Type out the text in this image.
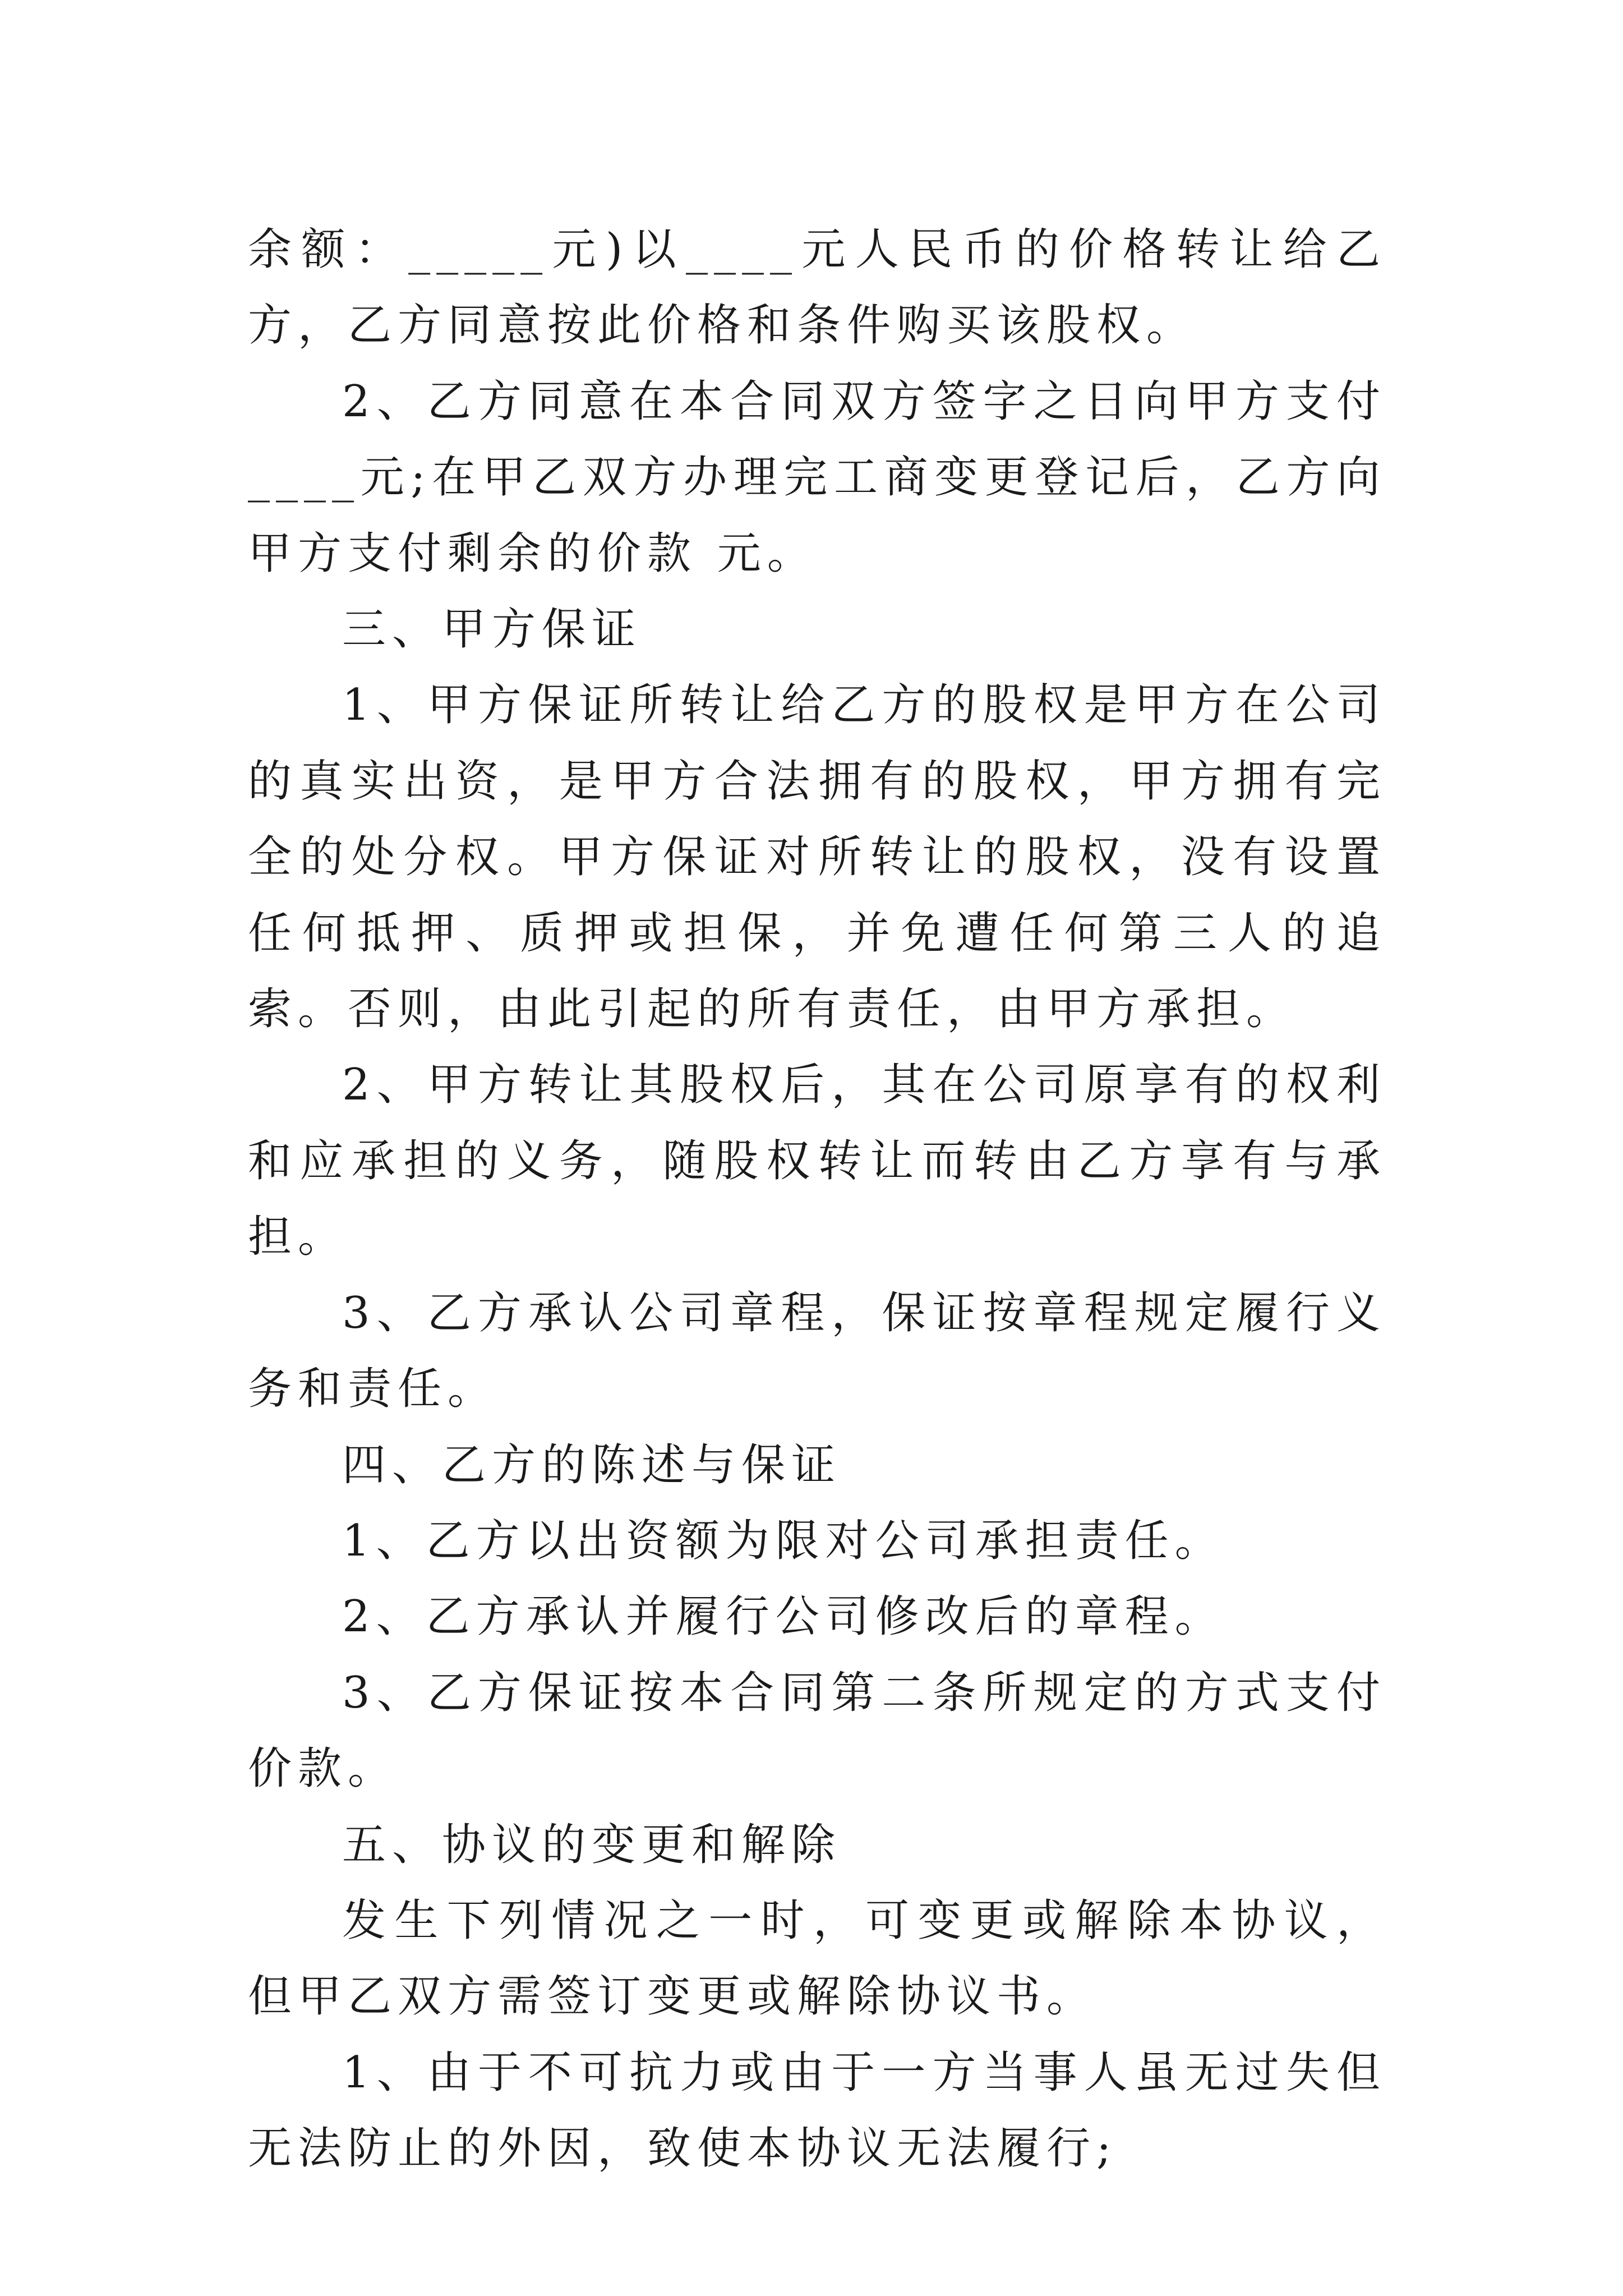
余额：_____元)以____元人民币的价格转让给乙方，乙方同意按此价格和条件购买该股权。

2、乙方同意在本合同双方签字之日向甲方支付____元;在甲乙双方办理完工商变更登记后，乙方向甲方支付剩余的价款 元。

三、甲方保证

1、甲方保证所转让给乙方的股权是甲方在公司的真实出资，是甲方合法拥有的股权，甲方拥有完全的处分权。甲方保证对所转让的股权，没有设置任何抵押、质押或担保，并免遭任何第三人的追索。否则，由此引起的所有责任，由甲方承担。

2、甲方转让其股权后，其在公司原享有的权利和应承担的义务，随股权转让而转由乙方享有与承担。

3、乙方承认公司章程，保证按章程规定履行义务和责任。

四、乙方的陈述与保证

1、乙方以出资额为限对公司承担责任。

2、乙方承认并履行公司修改后的章程。

3、乙方保证按本合同第二条所规定的方式支付价款。

五、协议的变更和解除

发生下列情况之一时，可变更或解除本协议，但甲乙双方需签订变更或解除协议书。

1、由于不可抗力或由于一方当事人虽无过失但无法防止的外因，致使本协议无法履行;
